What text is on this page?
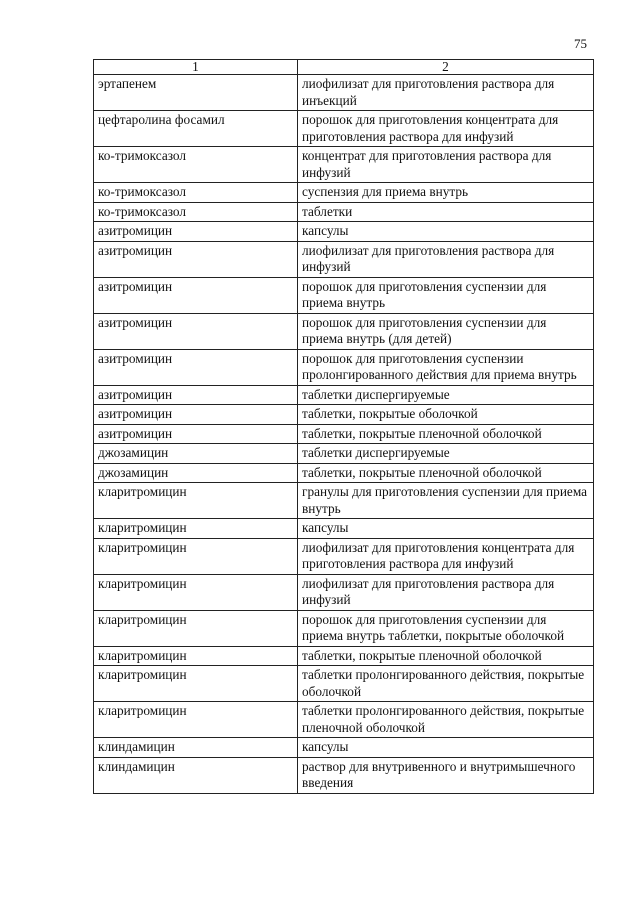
75
1	2
эртапенем	лиофилизат для приготовления раствора для инъекций
цефтаролина фосамил	порошок для приготовления концентрата для приготовления раствора для инфузий
ко-тримоксазол	концентрат для приготовления раствора для инфузий
ко-тримоксазол	суспензия для приема внутрь
ко-тримоксазол	таблетки
азитромицин	капсулы
азитромицин	лиофилизат для приготовления раствора для инфузий
азитромицин	порошок для приготовления суспензии для приема внутрь
азитромицин	порошок для приготовления суспензии для приема внутрь (для детей)
азитромицин	порошок для приготовления суспензии пролонгированного действия для приема внутрь
азитромицин	таблетки диспергируемые
азитромицин	таблетки, покрытые оболочкой
азитромицин	таблетки, покрытые пленочной оболочкой
джозамицин	таблетки диспергируемые
джозамицин	таблетки, покрытые пленочной оболочкой
кларитромицин	гранулы для приготовления суспензии для приема внутрь
кларитромицин	капсулы
кларитромицин	лиофилизат для приготовления концентрата для приготовления раствора для инфузий
кларитромицин	лиофилизат для приготовления раствора для инфузий
кларитромицин	порошок для приготовления суспензии для приема внутрь таблетки, покрытые оболочкой
кларитромицин	таблетки, покрытые пленочной оболочкой
кларитромицин	таблетки пролонгированного действия, покрытые оболочкой
кларитромицин	таблетки пролонгированного действия, покрытые пленочной оболочкой
клиндамицин	капсулы
клиндамицин	раствор для внутривенного и внутримышечного введения
